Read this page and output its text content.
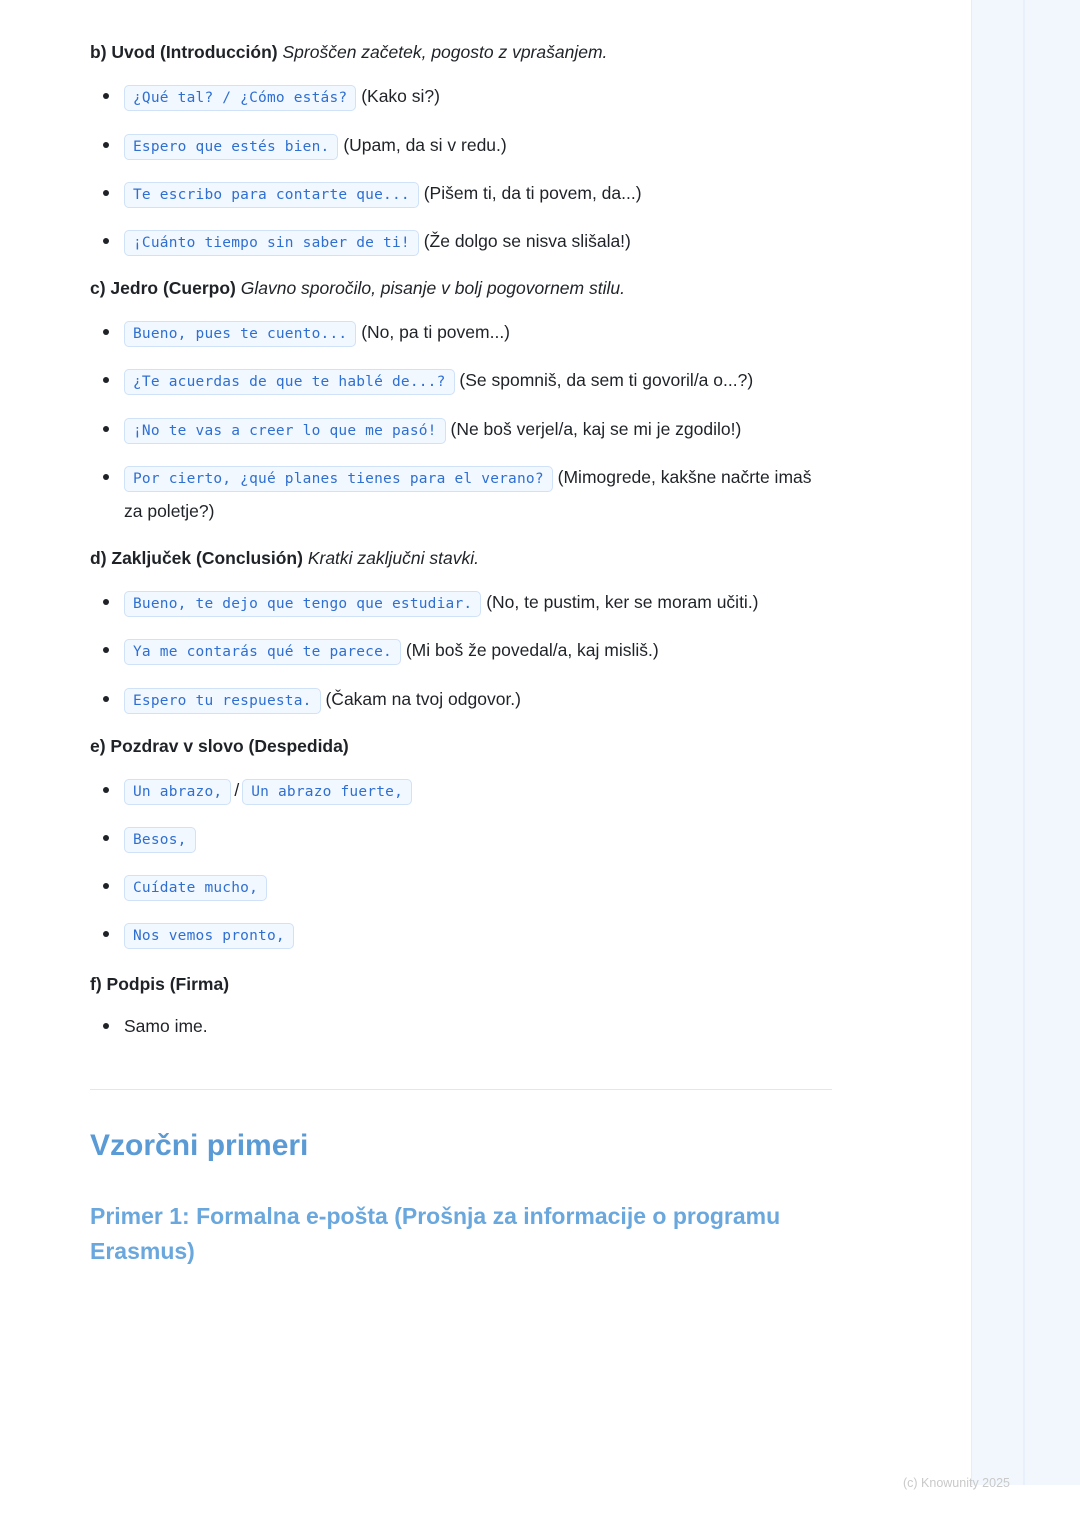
b) Uvod (Introducción) Sproščen začetek, pogosto z vprašanjem.
¿Qué tal? / ¿Cómo estás? (Kako si?)
Espero que estés bien. (Upam, da si v redu.)
Te escribo para contarte que... (Pišem ti, da ti povem, da...)
¡Cuánto tiempo sin saber de ti! (Že dolgo se nisva slišala!)
c) Jedro (Cuerpo) Glavno sporočilo, pisanje v bolj pogovornem stilu.
Bueno, pues te cuento... (No, pa ti povem...)
¿Te acuerdas de que te hablé de...? (Se spomniš, da sem ti govoril/a o...?)
¡No te vas a creer lo que me pasó! (Ne boš verjel/a, kaj se mi je zgodilo!)
Por cierto, ¿qué planes tienes para el verano? (Mimogrede, kakšne načrte imaš za poletje?)
d) Zaključek (Conclusión) Kratki zaključni stavki.
Bueno, te dejo que tengo que estudiar. (No, te pustim, ker se moram učiti.)
Ya me contarás qué te parece. (Mi boš že povedal/a, kaj misliš.)
Espero tu respuesta. (Čakam na tvoj odgovor.)
e) Pozdrav v slovo (Despedida)
Un abrazo, / Un abrazo fuerte,
Besos,
Cuídate mucho,
Nos vemos pronto,
f) Podpis (Firma)
Samo ime.
Vzorčni primeri
Primer 1: Formalna e-pošta (Prošnja za informacije o programu Erasmus)
(c) Knowunity 2025
